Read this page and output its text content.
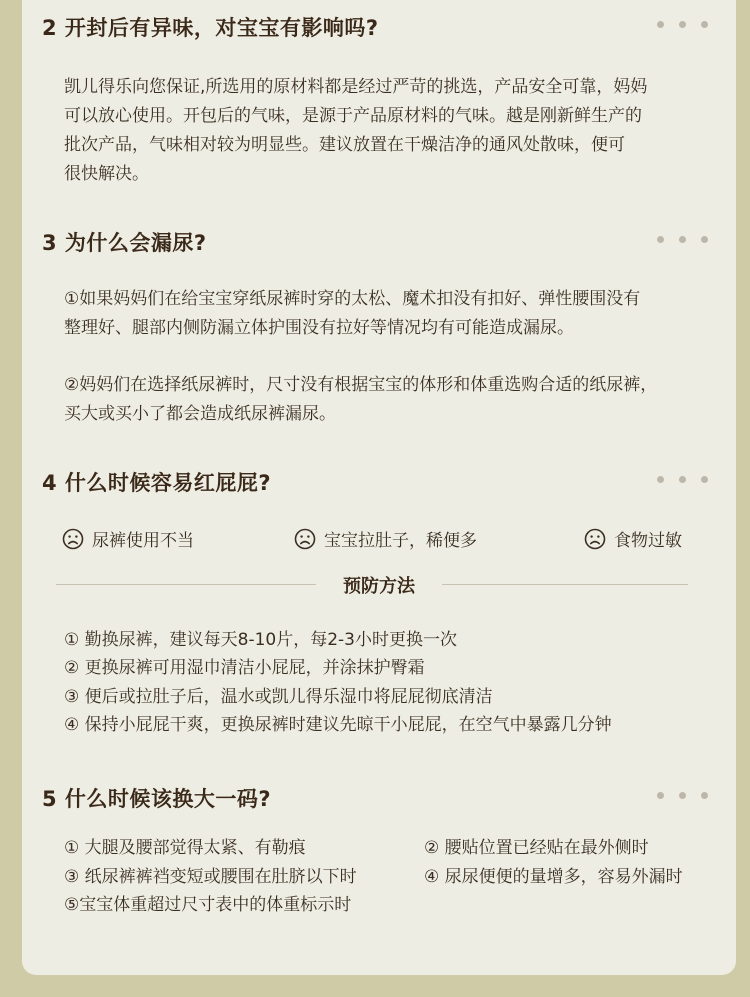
2 开封后有异味，对宝宝有影响吗?
凯儿得乐向您保证,所选用的原材料都是经过严苛的挑选，产品安全可靠，妈妈
可以放心使用。开包后的气味，是源于产品原材料的气味。越是刚新鲜生产的
批次产品，气味相对较为明显些。建议放置在干燥洁净的通风处散味，便可
很快解决。
3 为什么会漏尿?
①如果妈妈们在给宝宝穿纸尿裤时穿的太松、魔术扣没有扣好、弹性腰围没有
整理好、腿部内侧防漏立体护围没有拉好等情况均有可能造成漏尿。
②妈妈们在选择纸尿裤时，尺寸没有根据宝宝的体形和体重选购合适的纸尿裤，
买大或买小了都会造成纸尿裤漏尿。
4 什么时候容易红屁屁?
尿裤使用不当	宝宝拉肚子，稀便多	食物过敏
预防方法
① 勤换尿裤，建议每天8-10片，每2-3小时更换一次
② 更换尿裤可用湿巾清洁小屁屁，并涂抹护臀霜
③ 便后或拉肚子后，温水或凯儿得乐湿巾将屁屁彻底清洁
④ 保持小屁屁干爽，更换尿裤时建议先晾干小屁屁，在空气中暴露几分钟
5 什么时候该换大一码?
① 大腿及腰部觉得太紧、有勒痕	② 腰贴位置已经贴在最外侧时
③ 纸尿裤裤裆变短或腰围在肚脐以下时	④ 尿尿便便的量增多，容易外漏时
⑤宝宝体重超过尺寸表中的体重标示时
